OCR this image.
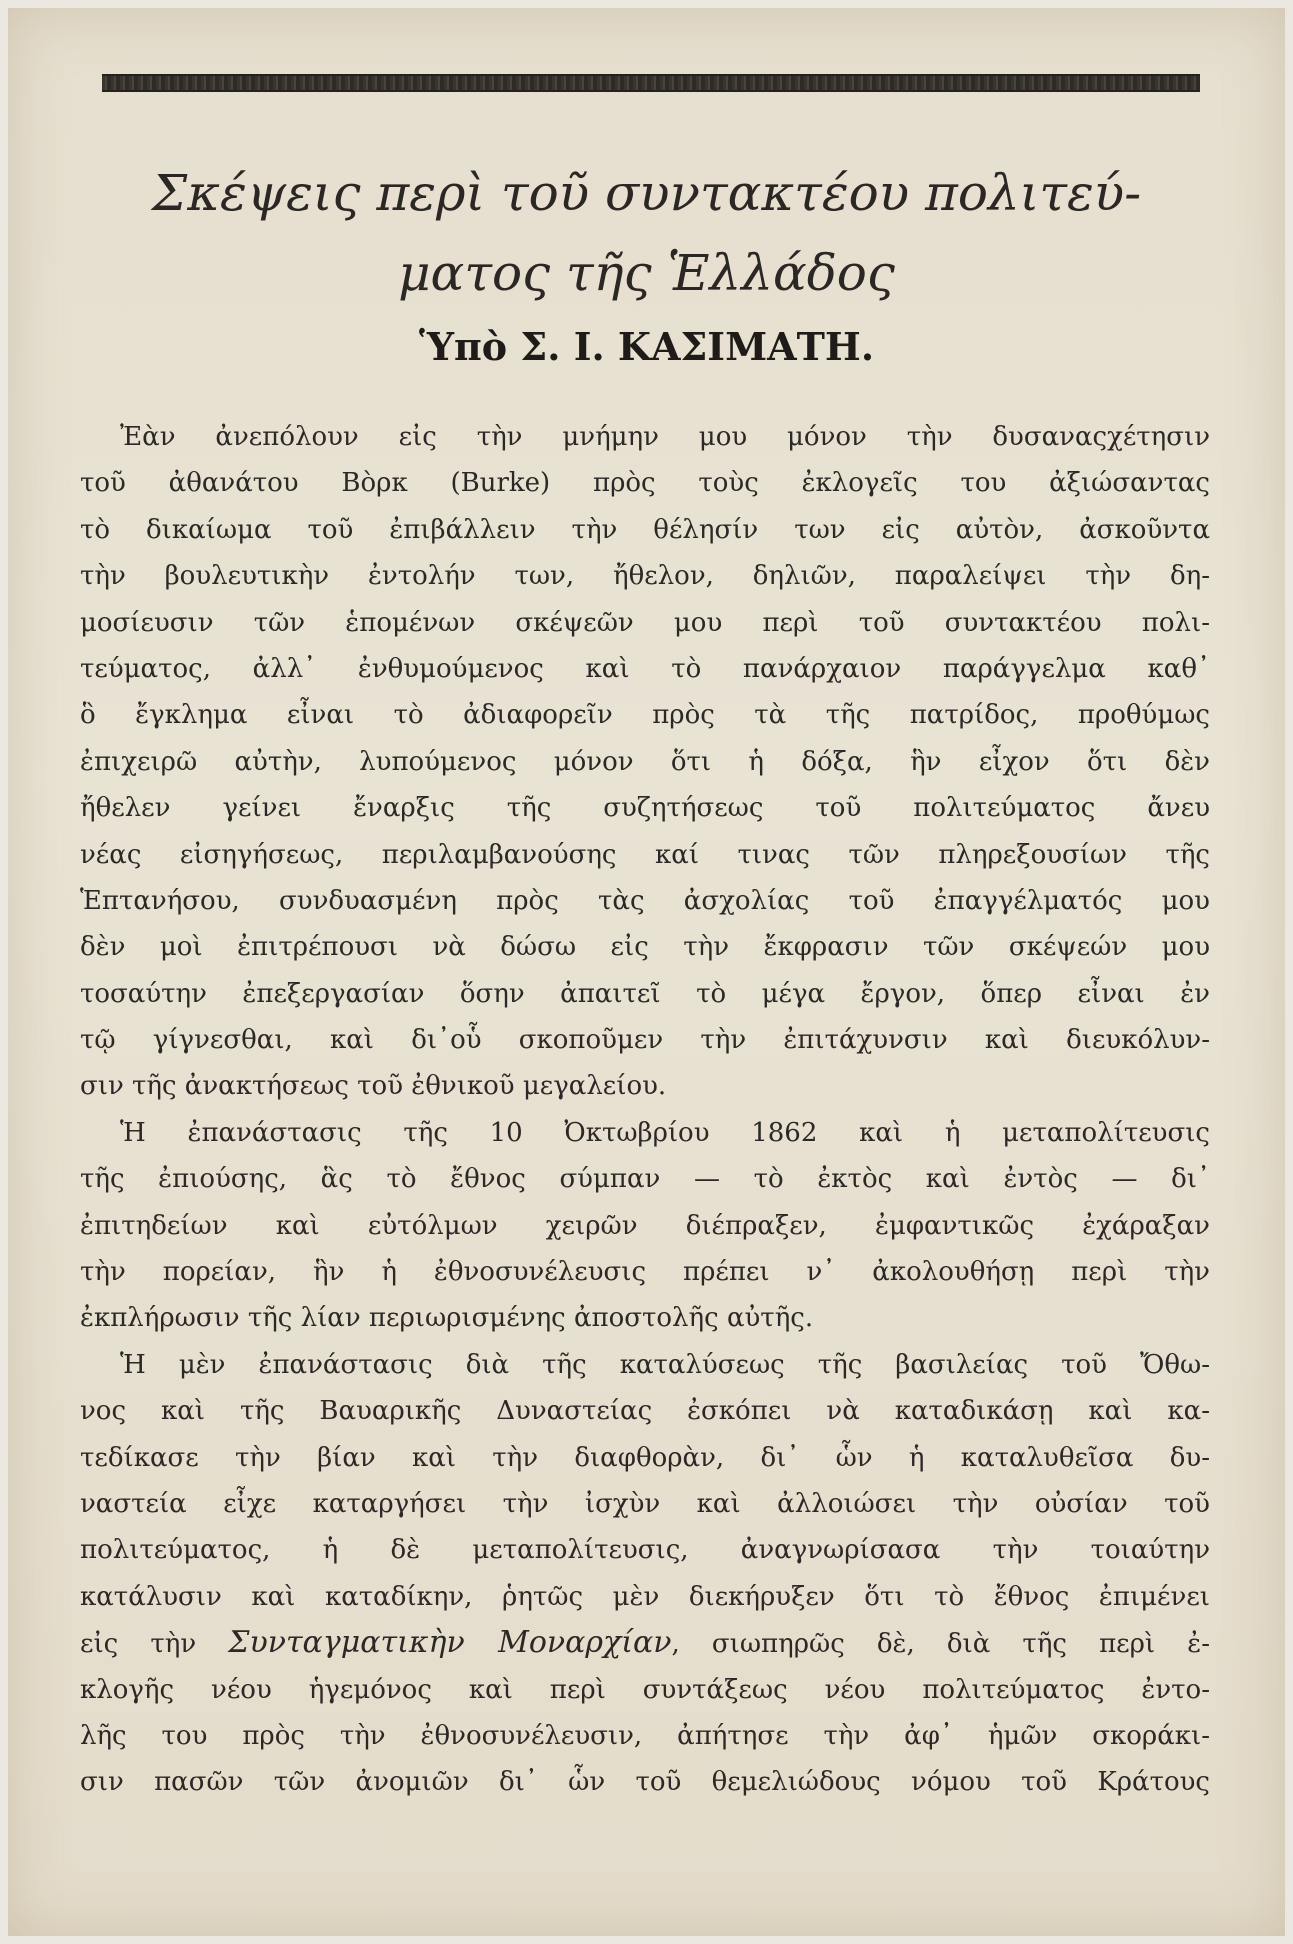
Σκέψεις περὶ τοῦ συντακτέου πολιτεύ-
ματος τῆς Ἑλλάδος
Ὑπὸ Σ. Ι. ΚΑΣΙΜΑΤΗ.
Ἐὰν ἀνεπόλουν εἰς τὴν μνήμην μου μόνον τὴν δυσαναςχέτησιν
τοῦ ἀθανάτου Βὸρκ (Burke) πρὸς τοὺς ἐκλογεῖς του ἀξιώσαντας
τὸ δικαίωμα τοῦ ἐπιβάλλειν τὴν θέλησίν των εἰς αὐτὸν, ἀσκοῦντα
τὴν βουλευτικὴν ἐντολήν των, ἤθελον, δηλιῶν, παραλείψει τὴν δη-
μοσίευσιν τῶν ἑπομένων σκέψεῶν μου περὶ τοῦ συντακτέου πολι-
τεύματος, ἀλλ᾽ ἐνθυμούμενος καὶ τὸ πανάρχαιον παράγγελμα καθ᾽
ὃ ἔγκλημα εἶναι τὸ ἀδιαφορεῖν πρὸς τὰ τῆς πατρίδος, προθύμως
ἐπιχειρῶ αὐτὴν, λυπούμενος μόνον ὅτι ἡ δόξα, ἣν εἶχον ὅτι δὲν
ἤθελεν γείνει ἔναρξις τῆς συζητήσεως τοῦ πολιτεύματος ἄνευ
νέας εἰσηγήσεως, περιλαμβανούσης καί τινας τῶν πληρεξουσίων τῆς
Ἑπτανήσου, συνδυασμένη πρὸς τὰς ἀσχολίας τοῦ ἐπαγγέλματός μου
δὲν μοὶ ἐπιτρέπουσι νὰ δώσω εἰς τὴν ἔκφρασιν τῶν σκέψεών μου
τοσαύτην ἐπεξεργασίαν ὅσην ἀπαιτεῖ τὸ μέγα ἔργον, ὅπερ εἶναι ἐν
τῷ γίγνεσθαι, καὶ δι᾽οὗ σκοποῦμεν τὴν ἐπιτάχυνσιν καὶ διευκόλυν-
σιν τῆς ἀνακτήσεως τοῦ ἐθνικοῦ μεγαλείου.
Ἡ ἐπανάστασις τῆς 10 Ὀκτωβρίου 1862 καὶ ἡ μεταπολίτευσις
τῆς ἐπιούσης, ἃς τὸ ἔθνος σύμπαν — τὸ ἐκτὸς καὶ ἐντὸς — δι᾽
ἐπιτηδείων καὶ εὐτόλμων χειρῶν διέπραξεν, ἐμφαντικῶς ἐχάραξαν
τὴν πορείαν, ἣν ἡ ἐθνοσυνέλευσις πρέπει ν᾽ ἀκολουθήσῃ περὶ τὴν
ἐκπλήρωσιν τῆς λίαν περιωρισμένης ἀποστολῆς αὐτῆς.
Ἡ μὲν ἐπανάστασις διὰ τῆς καταλύσεως τῆς βασιλείας τοῦ Ὄθω-
νος καὶ τῆς Βαυαρικῆς Δυναστείας ἐσκόπει νὰ καταδικάσῃ καὶ κα-
τεδίκασε τὴν βίαν καὶ τὴν διαφθορὰν, δι᾽ ὧν ἡ καταλυθεῖσα δυ-
ναστεία εἶχε καταργήσει τὴν ἰσχὺν καὶ ἀλλοιώσει τὴν οὐσίαν τοῦ
πολιτεύματος, ἡ δὲ μεταπολίτευσις, ἀναγνωρίσασα τὴν τοιαύτην
κατάλυσιν καὶ καταδίκην, ῥητῶς μὲν διεκήρυξεν ὅτι τὸ ἔθνος ἐπιμένει
εἰς τὴν Συνταγματικὴν Μοναρχίαν, σιωπηρῶς δὲ, διὰ τῆς περὶ ἐ-
κλογῆς νέου ἡγεμόνος καὶ περὶ συντάξεως νέου πολιτεύματος ἐντο-
λῆς του πρὸς τὴν ἐθνοσυνέλευσιν, ἀπήτησε τὴν ἀφ᾽ ἡμῶν σκοράκι-
σιν πασῶν τῶν ἀνομιῶν δι᾽ ὧν τοῦ θεμελιώδους νόμου τοῦ Κράτους
